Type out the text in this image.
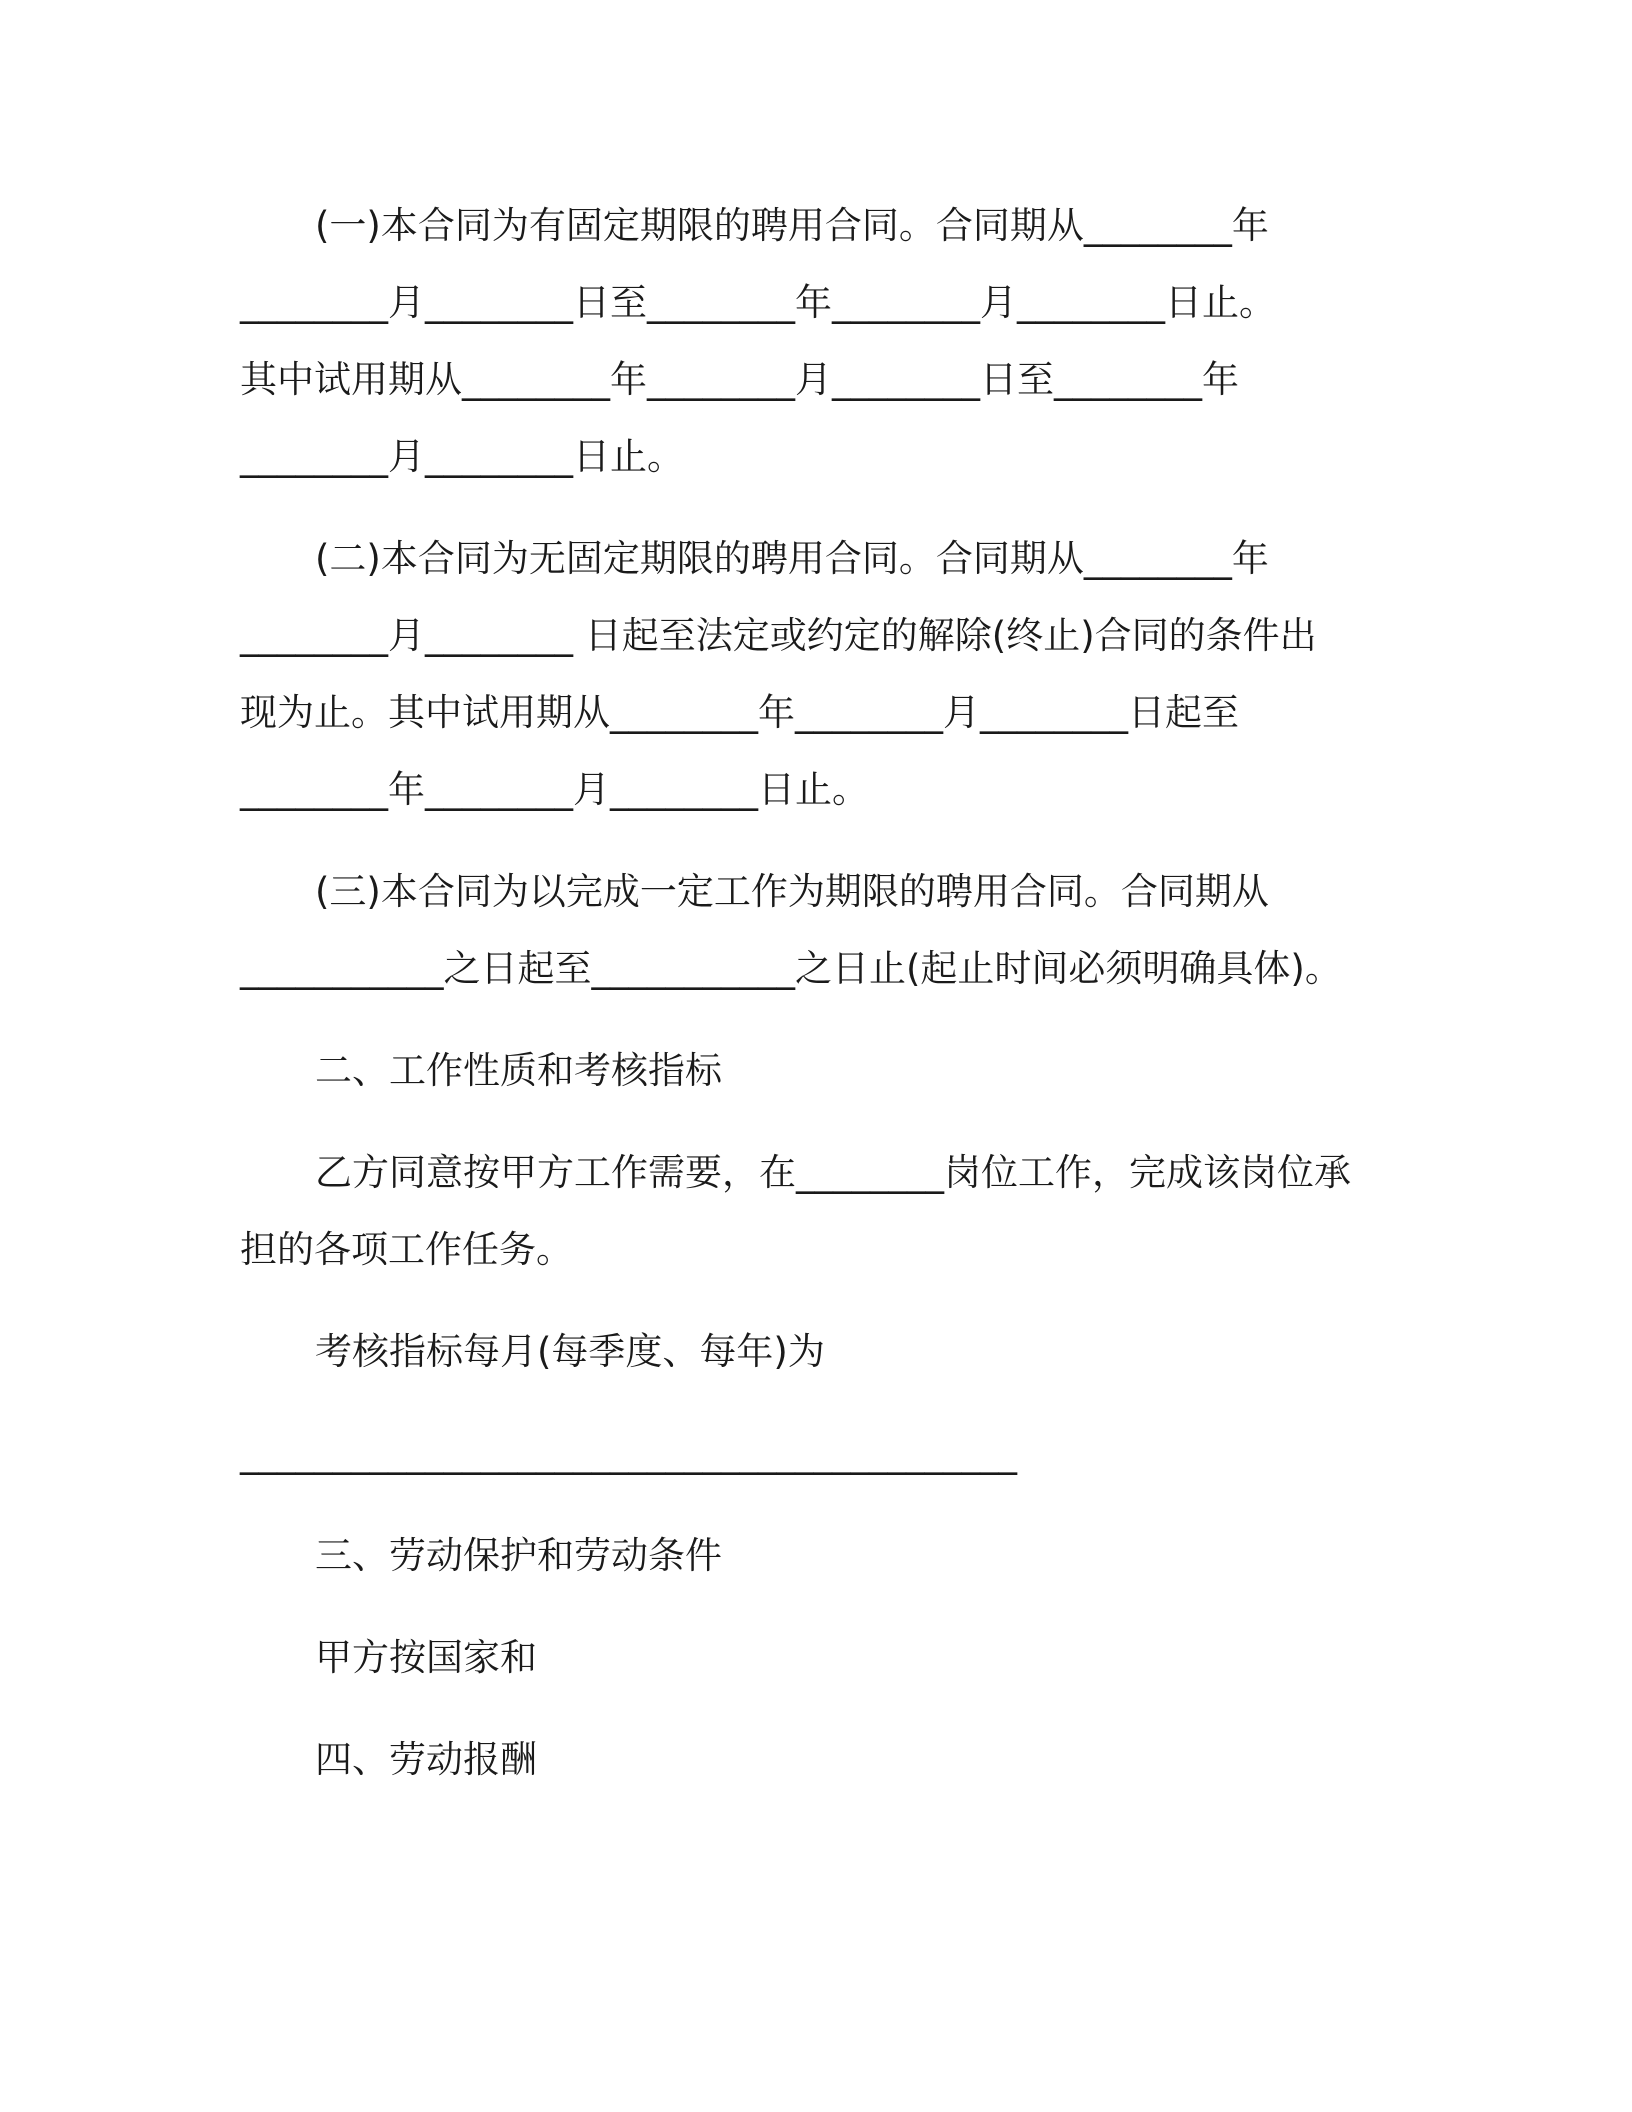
(一)本合同为有固定期限的聘用合同。合同期从________年
________月________日至________年________月________日止。
其中试用期从________年________月________日至________年
________月________日止。
(二)本合同为无固定期限的聘用合同。合同期从________年
________月________ 日起至法定或约定的解除(终止)合同的条件出
现为止。其中试用期从________年________月________日起至
________年________月________日止。
(三)本合同为以完成一定工作为期限的聘用合同。合同期从
___________之日起至___________之日止(起止时间必须明确具体)。
二、工作性质和考核指标
乙方同意按甲方工作需要，在________岗位工作，完成该岗位承
担的各项工作任务。
考核指标每月(每季度、每年)为
__________________________________________
三、劳动保护和劳动条件
甲方按国家和
四、劳动报酬
